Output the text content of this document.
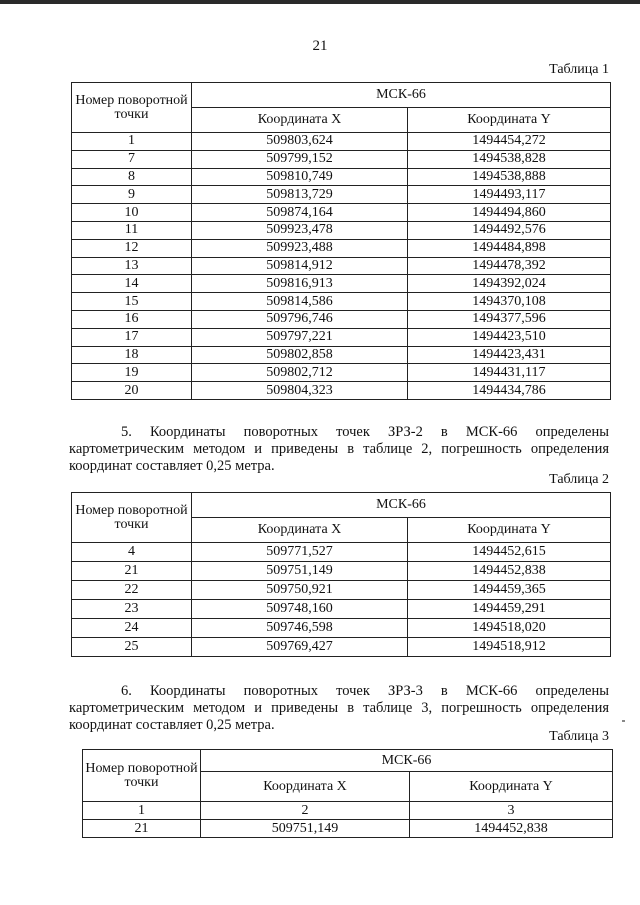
21
Таблица 1
Номер поворотной точки	МСК-66	
	Координата X	Координата Y
1	509803,624	1494454,272
7	509799,152	1494538,828
8	509810,749	1494538,888
9	509813,729	1494493,117
10	509874,164	1494494,860
11	509923,478	1494492,576
12	509923,488	1494484,898
13	509814,912	1494478,392
14	509816,913	1494392,024
15	509814,586	1494370,108
16	509796,746	1494377,596
17	509797,221	1494423,510
18	509802,858	1494423,431
19	509802,712	1494431,117
20	509804,323	1494434,786
5. Координаты поворотных точек ЗРЗ-2 в МСК-66 определены картометрическим методом и приведены в таблице 2, погрешность определения координат составляет 0,25 метра.
Таблица 2
Номер поворотной точки	МСК-66	
	Координата X	Координата Y
4	509771,527	1494452,615
21	509751,149	1494452,838
22	509750,921	1494459,365
23	509748,160	1494459,291
24	509746,598	1494518,020
25	509769,427	1494518,912
6. Координаты поворотных точек ЗРЗ-3 в МСК-66 определены картометрическим методом и приведены в таблице 3, погрешность определения координат составляет 0,25 метра.
Таблица 3
Номер поворотной точки	МСК-66	
	Координата X	Координата Y
1	2	3
21	509751,149	1494452,838
